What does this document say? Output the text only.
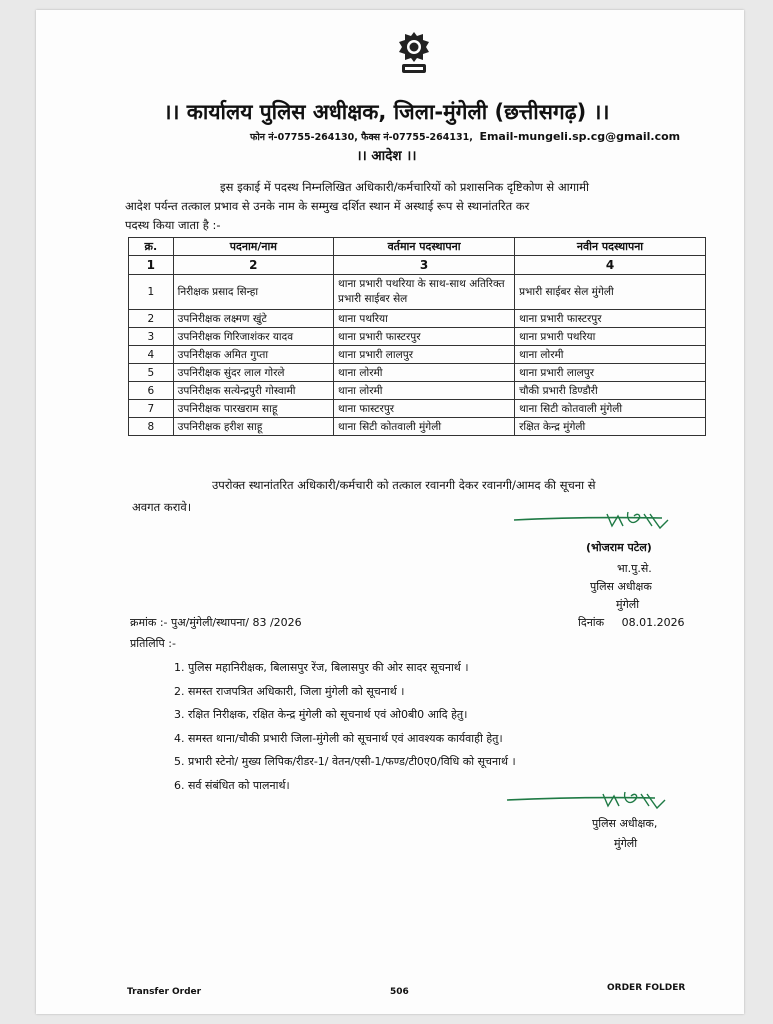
।। कार्यालय पुलिस अधीक्षक, जिला-मुंगेली (छत्तीसगढ़) ।।
फोन नं-07755-264130, फैक्स नं-07755-264131, Email-mungeli.sp.cg@gmail.com
।। आदेश ।।
इस इकाई में पदस्थ निम्नलिखित अधिकारी/कर्मचारियों को प्रशासनिक दृष्टिकोण से आगामी
आदेश पर्यन्त तत्काल प्रभाव से उनके नाम के सम्मुख दर्शित स्थान में अस्थाई रूप से स्थानांतरित कर
पदस्थ किया जाता है :-
क्र.	पदनाम/नाम	वर्तमान पदस्थापना	नवीन पदस्थापना
1	2	3	4
1	निरीक्षक प्रसाद सिन्हा	थाना प्रभारी पथरिया के साथ-साथ अतिरिक्त प्रभारी साईबर सेल	प्रभारी साईबर सेल मुंगेली
2	उपनिरीक्षक लक्ष्मण खुंटे	थाना पथरिया	थाना प्रभारी फास्टरपुर
3	उपनिरीक्षक गिरिजाशंकर यादव	थाना प्रभारी फास्टरपुर	थाना प्रभारी पथरिया
4	उपनिरीक्षक अमित गुप्ता	थाना प्रभारी लालपुर	थाना लोरमी
5	उपनिरीक्षक सुंदर लाल गोरले	थाना लोरमी	थाना प्रभारी लालपुर
6	उपनिरीक्षक सत्येन्द्रपुरी गोस्वामी	थाना लोरमी	चौकी प्रभारी डिण्डौरी
7	उपनिरीक्षक पारखराम साहू	थाना फास्टरपुर	थाना सिटी कोतवाली मुंगेली
8	उपनिरीक्षक हरीश साहू	थाना सिटी कोतवाली मुंगेली	रक्षित केन्द्र मुंगेली
उपरोक्त स्थानांतरित अधिकारी/कर्मचारी को तत्काल रवानगी देकर रवानगी/आमद की सूचना से
अवगत करावे।
(भोजराम पटेल)
भा.पु.से.
पुलिस अधीक्षक
मुंगेली
क्रमांक :- पुअ/मुंगेली/स्थापना/ 83 /2026	दिनांक 08.01.2026
प्रतिलिपि :-
1. पुलिस महानिरीक्षक, बिलासपुर रेंज, बिलासपुर की ओर सादर सूचनार्थ ।
2. समस्त राजपत्रित अधिकारी, जिला मुंगेली को सूचनार्थ ।
3. रक्षित निरीक्षक, रक्षित केन्द्र मुंगेली को सूचनार्थ एवं ओ0बी0 आदि हेतु।
4. समस्त थाना/चौकी प्रभारी जिला-मुंगेली को सूचनार्थ एवं आवश्यक कार्यवाही हेतु।
5. प्रभारी स्टेनो/ मुख्य लिपिक/रीडर-1/ वेतन/एसी-1/फण्ड/टी0ए0/विधि को सूचनार्थ ।
6. सर्व संबंधित को पालनार्थ।
पुलिस अधीक्षक,
मुंगेली
Transfer Order	506	ORDER FOLDER
